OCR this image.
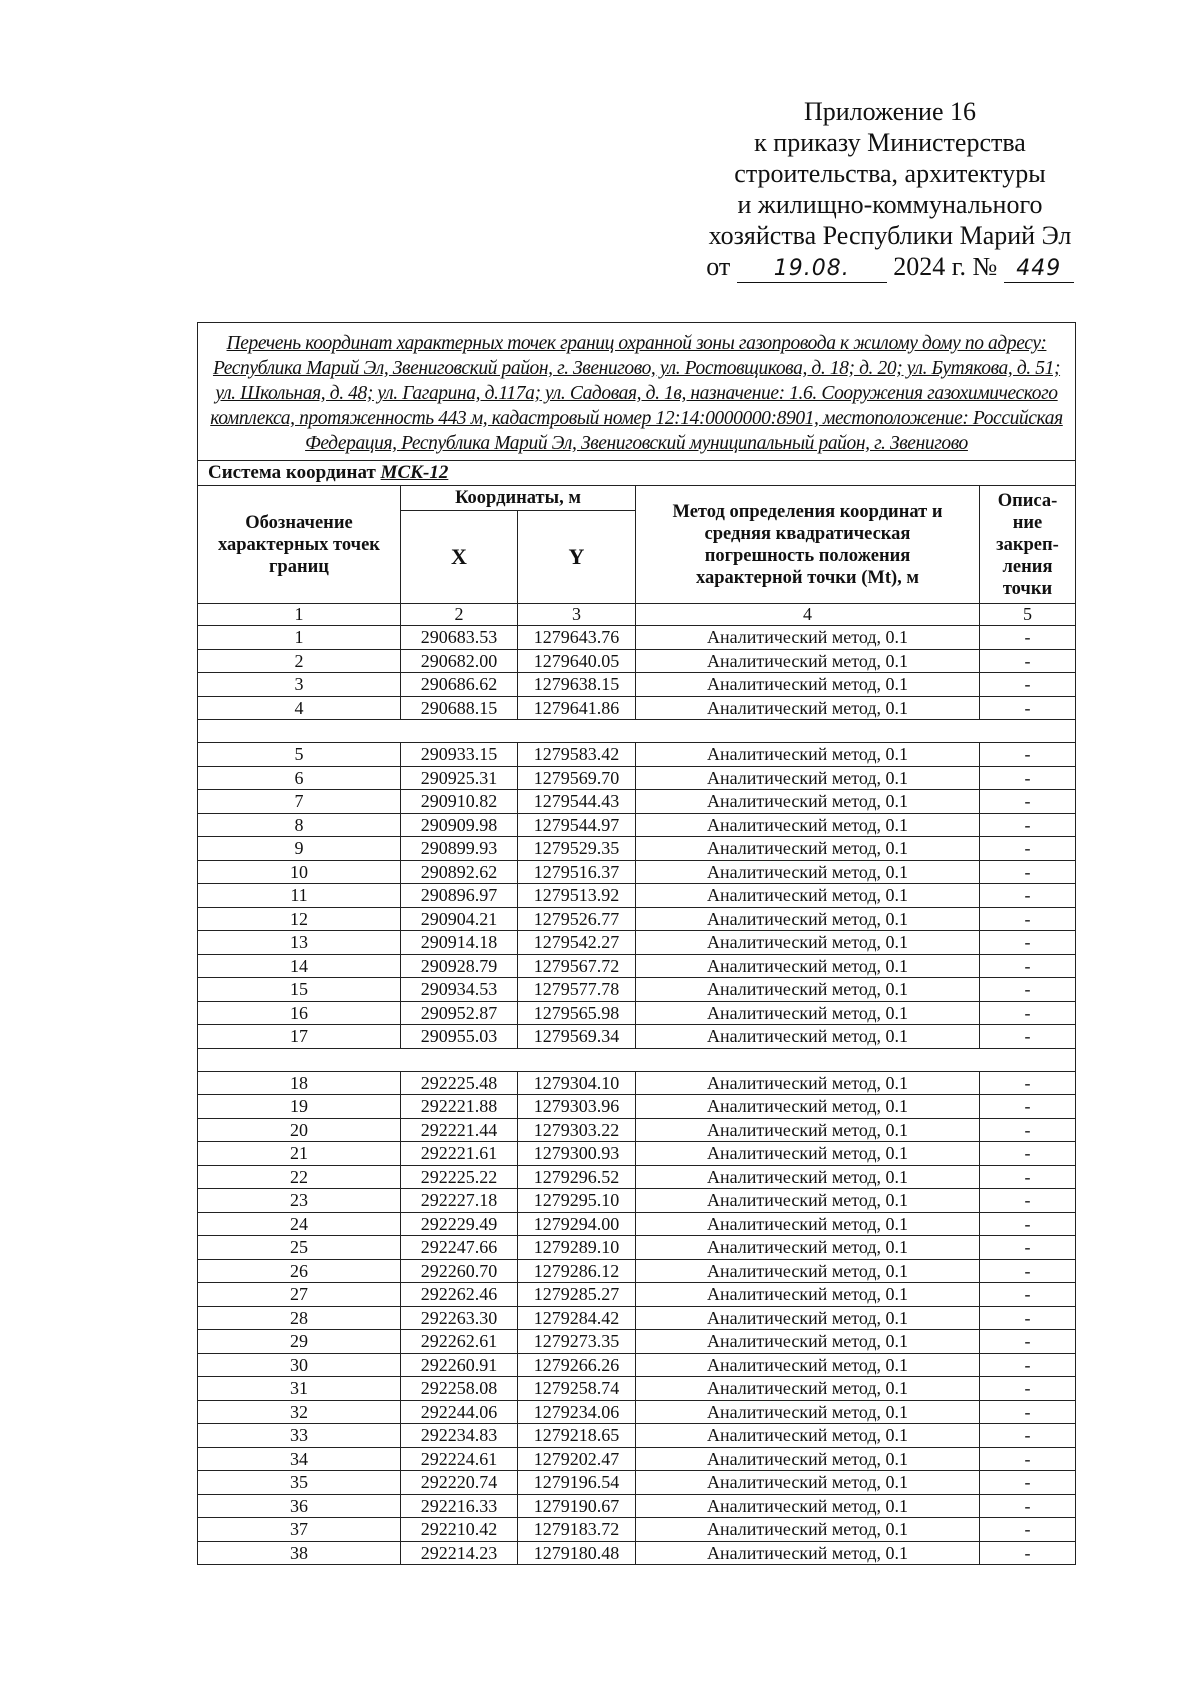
Приложение 16
к приказу Министерства
строительства, архитектуры
и жилищно-коммунального
хозяйства Республики Марий Эл
от 19.08. 2024 г. № 449
Перечень координат характерных точек границ охранной зоны газопровода к жилому дому по адресу: Республика Марий Эл, Звениговский район, г. Звенигово, ул. Ростовщикова, д. 18; д. 20; ул. Бутякова, д. 51; ул. Школьная, д. 48; ул. Гагарина, д.117а; ул. Садовая, д. 1в, назначение: 1.6. Сооружения газохимического комплекса, протяженность 443 м, кадастровый номер 12:14:0000000:8901, местоположение: Российская Федерация, Республика Марий Эл, Звениговский муниципальный район, г. Звенигово				
Система координат МСК-12				
Обозначение характерных точек границ	Координаты, м		Метод определения координат и средняя квадратическая погрешность положения характерной точки (Mt), м	Описа-ние закреп-ления точки
	X	Y		
1	2	3	4	5
1	290683.53	1279643.76	Аналитический метод, 0.1	-
2	290682.00	1279640.05	Аналитический метод, 0.1	-
3	290686.62	1279638.15	Аналитический метод, 0.1	-
4	290688.15	1279641.86	Аналитический метод, 0.1	-

5	290933.15	1279583.42	Аналитический метод, 0.1	-
6	290925.31	1279569.70	Аналитический метод, 0.1	-
7	290910.82	1279544.43	Аналитический метод, 0.1	-
8	290909.98	1279544.97	Аналитический метод, 0.1	-
9	290899.93	1279529.35	Аналитический метод, 0.1	-
10	290892.62	1279516.37	Аналитический метод, 0.1	-
11	290896.97	1279513.92	Аналитический метод, 0.1	-
12	290904.21	1279526.77	Аналитический метод, 0.1	-
13	290914.18	1279542.27	Аналитический метод, 0.1	-
14	290928.79	1279567.72	Аналитический метод, 0.1	-
15	290934.53	1279577.78	Аналитический метод, 0.1	-
16	290952.87	1279565.98	Аналитический метод, 0.1	-
17	290955.03	1279569.34	Аналитический метод, 0.1	-

18	292225.48	1279304.10	Аналитический метод, 0.1	-
19	292221.88	1279303.96	Аналитический метод, 0.1	-
20	292221.44	1279303.22	Аналитический метод, 0.1	-
21	292221.61	1279300.93	Аналитический метод, 0.1	-
22	292225.22	1279296.52	Аналитический метод, 0.1	-
23	292227.18	1279295.10	Аналитический метод, 0.1	-
24	292229.49	1279294.00	Аналитический метод, 0.1	-
25	292247.66	1279289.10	Аналитический метод, 0.1	-
26	292260.70	1279286.12	Аналитический метод, 0.1	-
27	292262.46	1279285.27	Аналитический метод, 0.1	-
28	292263.30	1279284.42	Аналитический метод, 0.1	-
29	292262.61	1279273.35	Аналитический метод, 0.1	-
30	292260.91	1279266.26	Аналитический метод, 0.1	-
31	292258.08	1279258.74	Аналитический метод, 0.1	-
32	292244.06	1279234.06	Аналитический метод, 0.1	-
33	292234.83	1279218.65	Аналитический метод, 0.1	-
34	292224.61	1279202.47	Аналитический метод, 0.1	-
35	292220.74	1279196.54	Аналитический метод, 0.1	-
36	292216.33	1279190.67	Аналитический метод, 0.1	-
37	292210.42	1279183.72	Аналитический метод, 0.1	-
38	292214.23	1279180.48	Аналитический метод, 0.1	-
